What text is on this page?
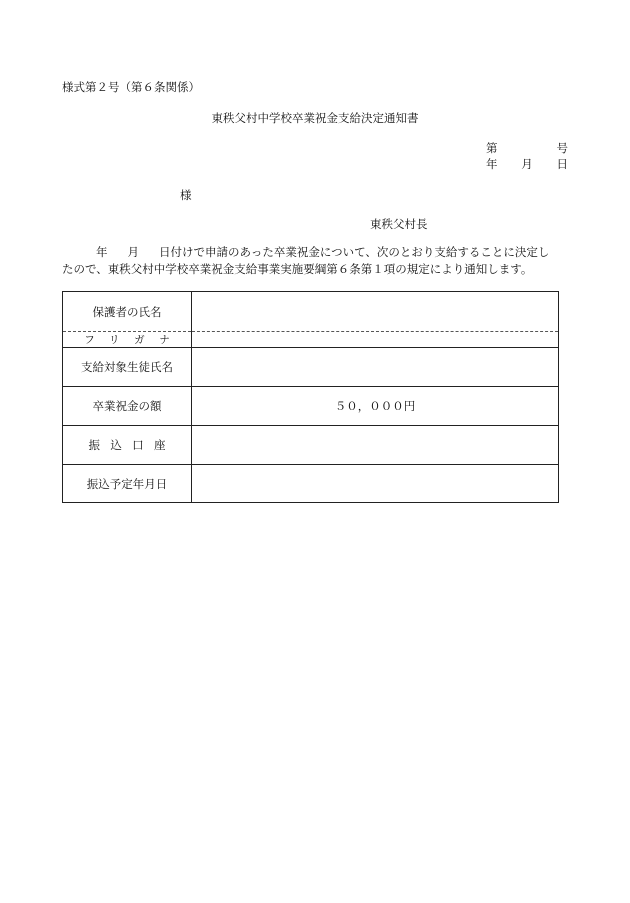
様式第２号（第６条関係）
東秩父村中学校卒業祝金支給決定通知書
第	号
年 月 日
様
東秩父村長
年 月 日付けで申請のあった卒業祝金について、次のとおり支給することに決定し
たので、東秩父村中学校卒業祝金支給事業実施要綱第６条第１項の規定により通知します。
保護者の氏名	
フリガナ	
支給対象生徒氏名	
卒業祝金の額	５０，０００円
振込口座	
振込予定年月日	
